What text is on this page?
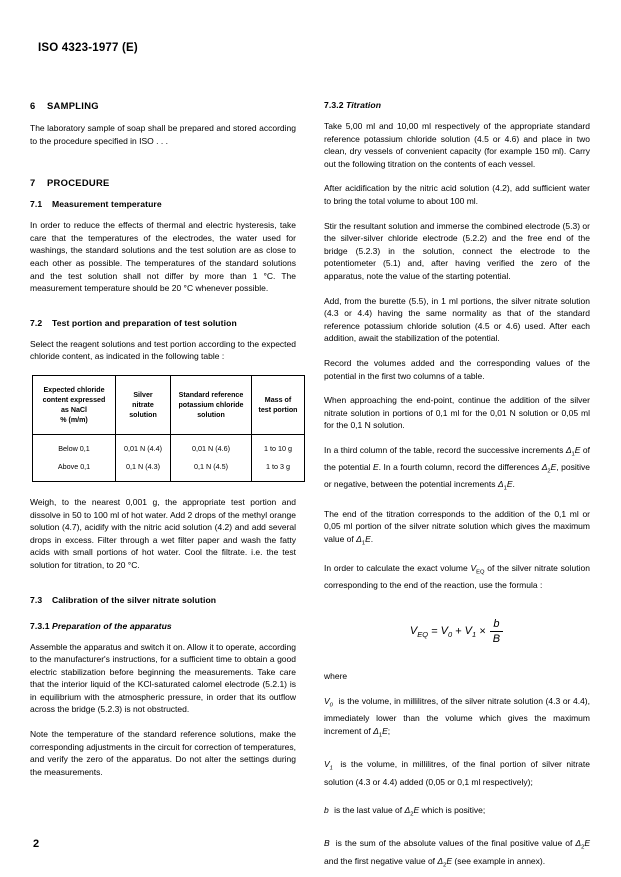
ISO 4323-1977 (E)
6 SAMPLING

The laboratory sample of soap shall be prepared and stored according to the procedure specified in ISO . . .

7 PROCEDURE
7.1 Measurement temperature

In order to reduce the effects of thermal and electric hysteresis, take care that the temperatures of the electrodes, the water used for washings, the standard solutions and the test solution are as close to each other as possible. The temperatures of the standard solutions and the test solution shall not differ by more than 1 °C. The measurement temperature should be 20 °C whenever possible.

7.2 Test portion and preparation of test solution

Select the reagent solutions and test portion according to the expected chloride content, as indicated in the following table :

Expected chloride
content expressed
as NaCl
% (m/m)	Silver
nitrate
solution	Standard reference
potassium chloride
solution	Mass of
test portion
Below 0,1	0,01 N (4.4)	0,01 N (4.6)	1 to 10 g
Above 0,1	0,1 N (4.3)	0,1 N (4.5)	1 to 3 g

Weigh, to the nearest 0,001 g, the appropriate test portion and dissolve in 50 to 100 ml of hot water. Add 2 drops of the methyl orange solution (4.7), acidify with the nitric acid solution (4.2) and add several drops in excess. Filter through a wet filter paper and wash the fatty acids with small portions of hot water. Cool the filtrate. i.e. the test solution for titration, to 20 °C.

7.3 Calibration of the silver nitrate solution
7.3.1 Preparation of the apparatus

Assemble the apparatus and switch it on. Allow it to operate, according to the manufacturer's instructions, for a sufficient time to obtain a good electric stabilization before beginning the measurements. Take care that the interior liquid of the KCl-saturated calomel electrode (5.2.1) is in equilibrium with the atmospheric pressure, in order that its outflow across the bridge (5.2.3) is not obstructed.

Note the temperature of the standard reference solutions, make the corresponding adjustments in the circuit for correction of temperatures, and verify the zero of the apparatus. Do not alter the settings during the measurements.

7.3.2 Titration

Take 5,00 ml and 10,00 ml respectively of the appropriate standard reference potassium chloride solution (4.5 or 4.6) and place in two clean, dry vessels of convenient capacity (for example 150 ml). Carry out the following titration on the contents of each vessel.

After acidification by the nitric acid solution (4.2), add sufficient water to bring the total volume to about 100 ml.

Stir the resultant solution and immerse the combined electrode (5.3) or the silver-silver chloride electrode (5.2.2) and the free end of the bridge (5.2.3) in the solution, connect the electrode to the potentiometer (5.1) and, after having verified the zero of the apparatus, note the value of the starting potential.

Add, from the burette (5.5), in 1 ml portions, the silver nitrate solution (4.3 or 4.4) having the same normality as that of the standard reference potassium chloride solution (4.5 or 4.6) used. After each addition, await the stabilization of the potential.

Record the volumes added and the corresponding values of the potential in the first two columns of a table.

When approaching the end-point, continue the addition of the silver nitrate solution in portions of 0,1 ml for the 0,01 N solution or 0,05 ml for the 0,1 N solution.

In a third column of the table, record the successive increments $\Delta_1E$ of the potential E. In a fourth column, record the differences $\Delta_2E$, positive or negative, between the potential increments $\Delta_1E$.

The end of the titration corresponds to the addition of the 0,1 ml or 0,05 ml portion of the silver nitrate solution which gives the maximum value of $\Delta_1E$.

In order to calculate the exact volume $V_{EQ}$ of the silver nitrate solution corresponding to the end of the reaction, use the formula :

$V_{EQ} = V_0 + V_1 \times \frac{b}{B}$
where
$V_0$ is the volume, in millilitres, of the silver nitrate solution (4.3 or 4.4), immediately lower than the volume which gives the maximum increment of $\Delta_1E$;
$V_1$ is the volume, in millilitres, of the final portion of silver nitrate solution (4.3 or 4.4) added (0,05 or 0,1 ml respectively);
b is the last value of $\Delta_2E$ which is positive;
B is the sum of the absolute values of the final positive value of $\Delta_2E$ and the first negative value of $\Delta_2E$ (see example in annex).
2
